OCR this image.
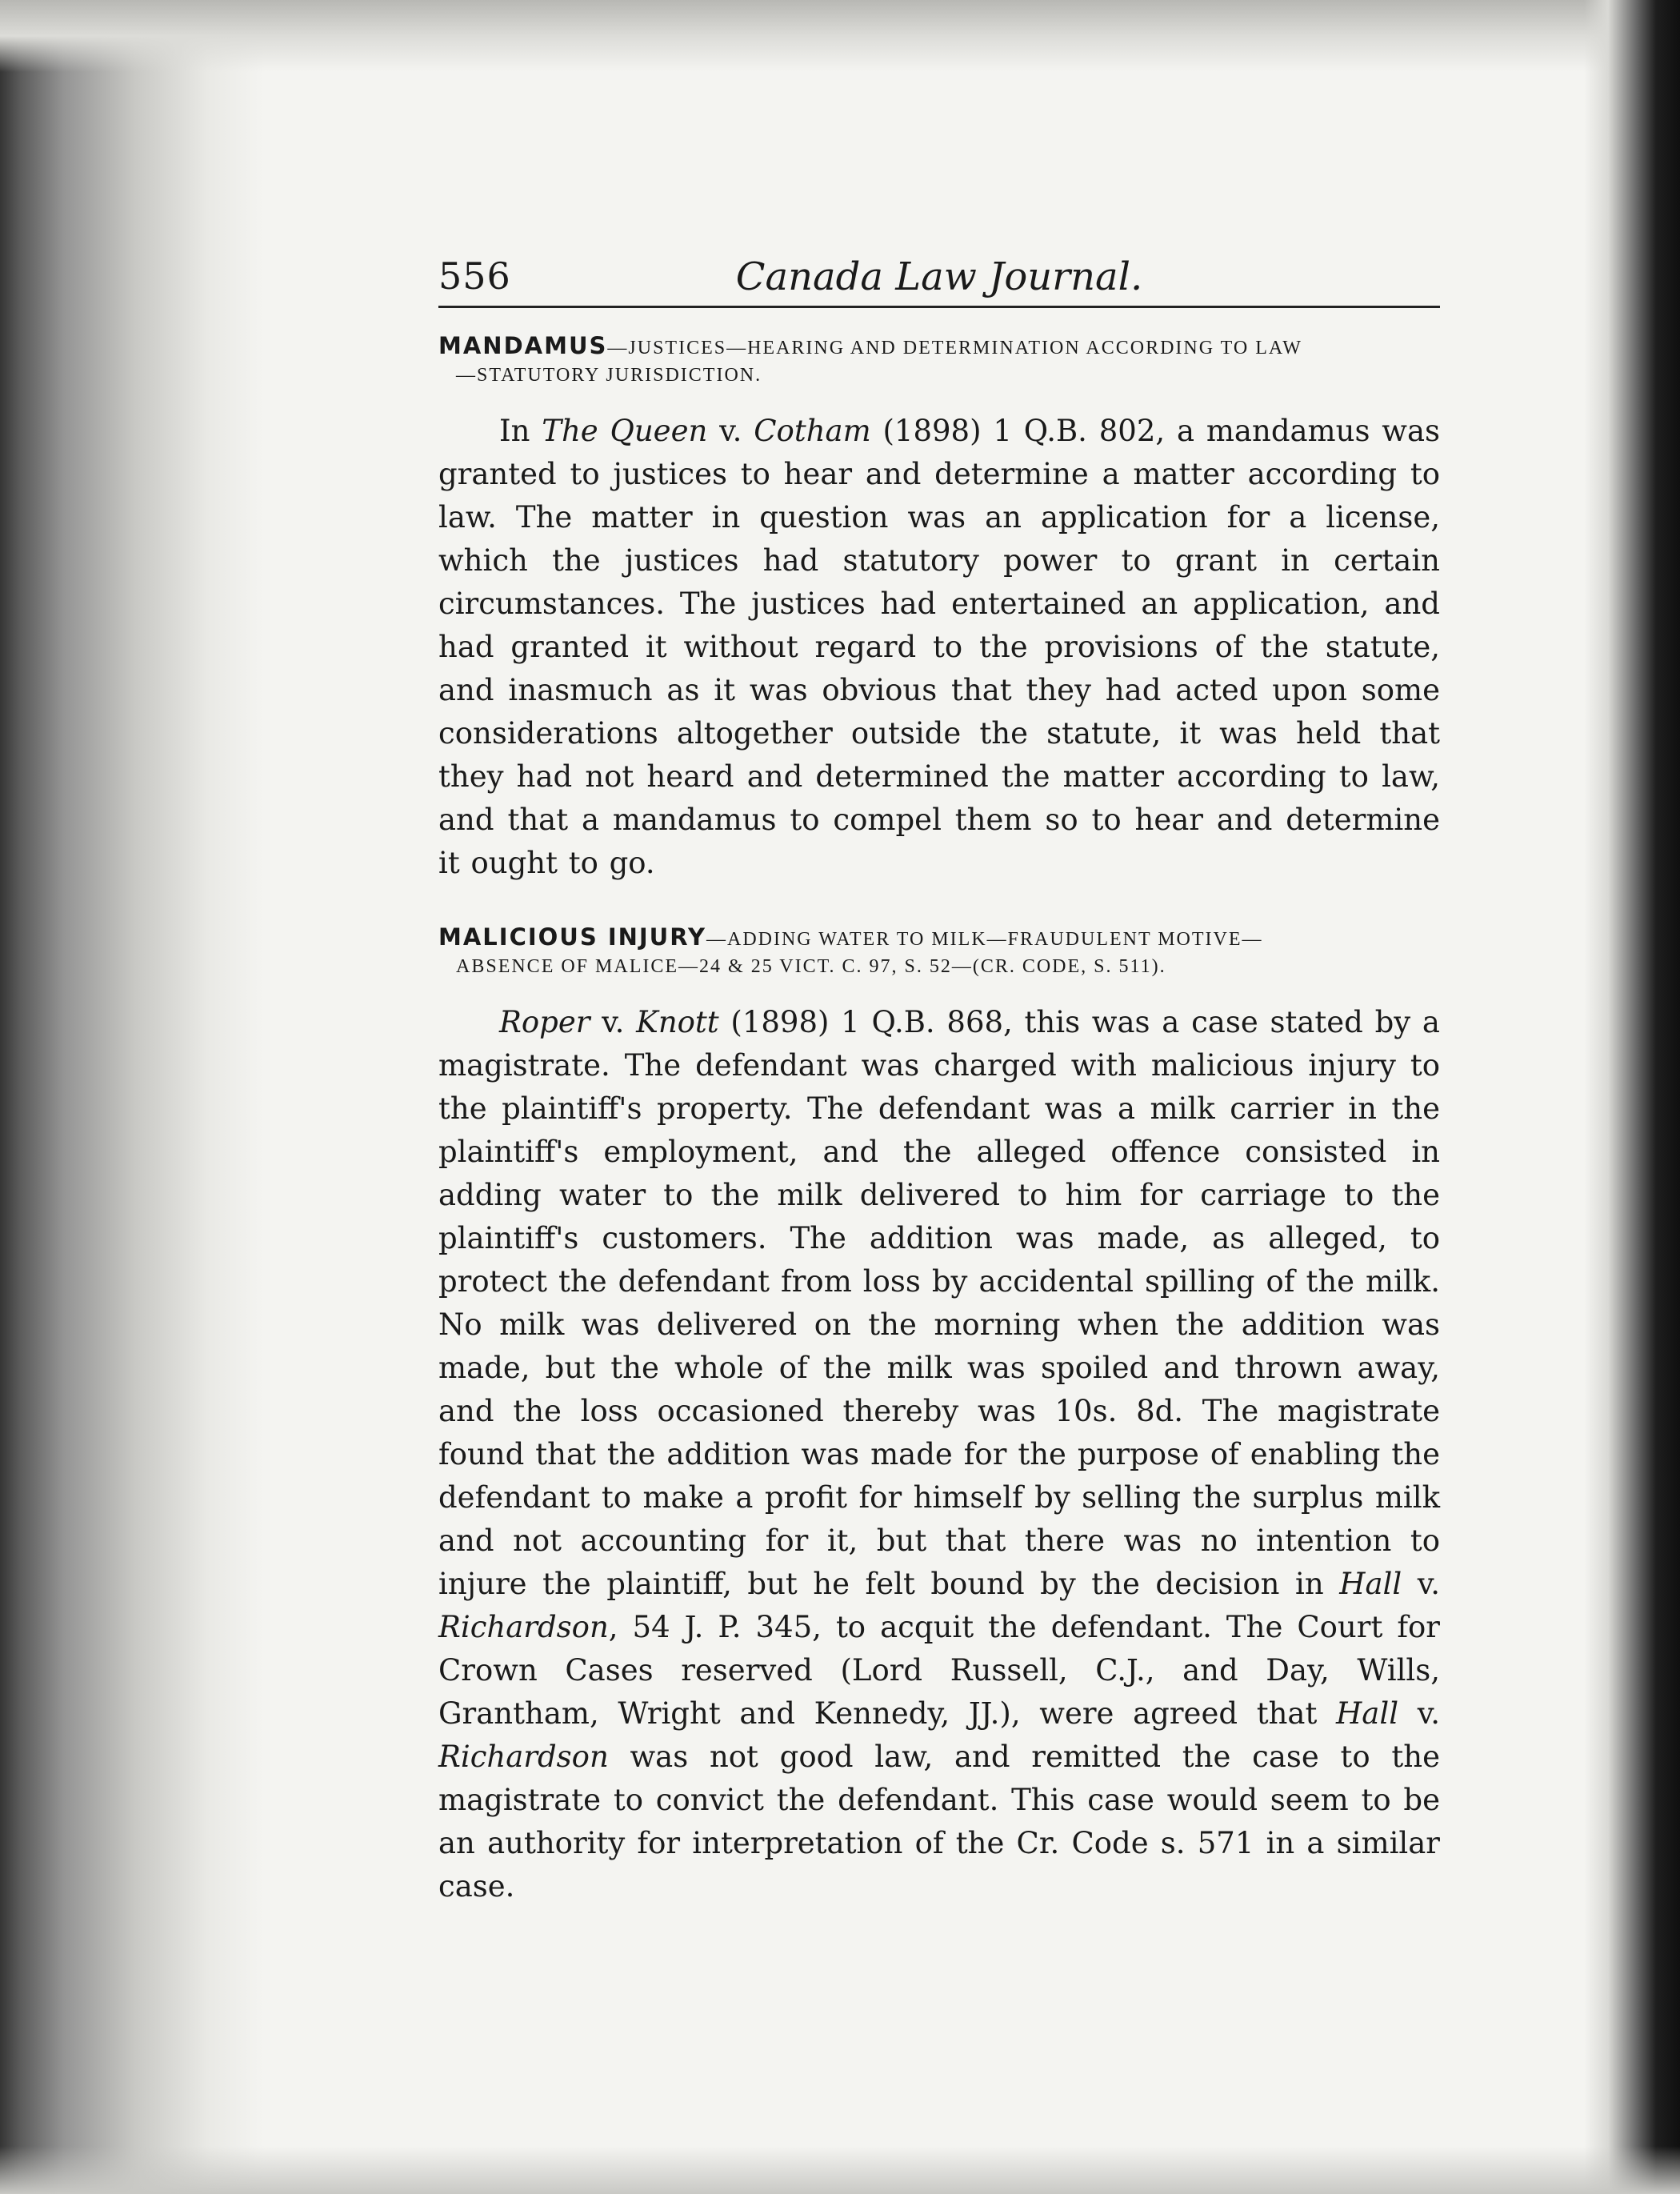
556	Canada Law Journal.

MANDAMUS—JUSTICES—HEARING AND DETERMINATION ACCORDING TO LAW
—STATUTORY JURISDICTION.

In The Queen v. Cotham (1898) 1 Q.B. 802, a mandamus was granted to justices to hear and determine a matter according to law. The matter in question was an application for a license, which the justices had statutory power to grant in certain circumstances. The justices had entertained an application, and had granted it without regard to the provisions of the statute, and inasmuch as it was obvious that they had acted upon some considerations altogether outside the statute, it was held that they had not heard and determined the matter according to law, and that a mandamus to compel them so to hear and determine it ought to go.

MALICIOUS INJURY—ADDING WATER TO MILK—FRAUDULENT MOTIVE—
ABSENCE OF MALICE—24 & 25 VICT. C. 97, S. 52—(CR. CODE, S. 511).

Roper v. Knott (1898) 1 Q.B. 868, this was a case stated by a magistrate. The defendant was charged with malicious injury to the plaintiff's property. The defendant was a milk carrier in the plaintiff's employment, and the alleged offence consisted in adding water to the milk delivered to him for carriage to the plaintiff's customers. The addition was made, as alleged, to protect the defendant from loss by accidental spilling of the milk. No milk was delivered on the morning when the addition was made, but the whole of the milk was spoiled and thrown away, and the loss occasioned thereby was 10s. 8d. The magistrate found that the addition was made for the purpose of enabling the defendant to make a profit for himself by selling the surplus milk and not accounting for it, but that there was no intention to injure the plaintiff, but he felt bound by the decision in Hall v. Richardson, 54 J. P. 345, to acquit the defendant. The Court for Crown Cases reserved (Lord Russell, C.J., and Day, Wills, Grantham, Wright and Kennedy, JJ.), were agreed that Hall v. Richardson was not good law, and remitted the case to the magistrate to convict the defendant. This case would seem to be an authority for interpretation of the Cr. Code s. 571 in a similar case.
